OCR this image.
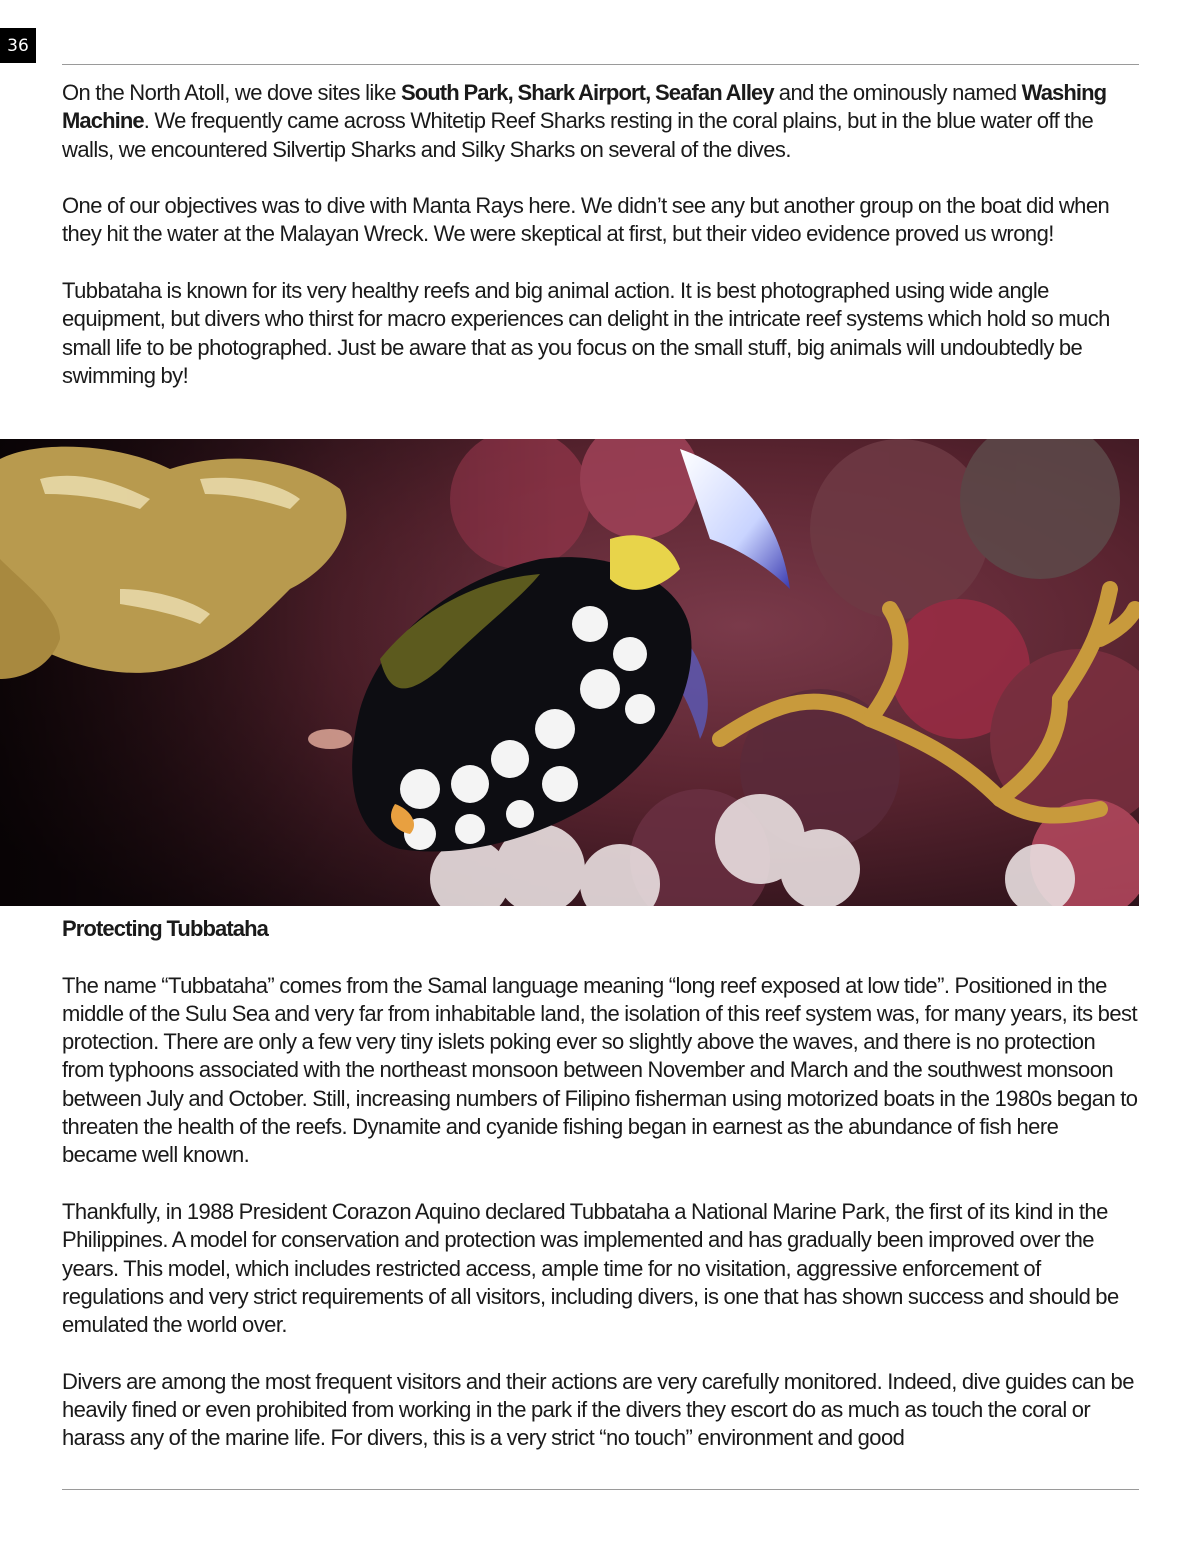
36

On the North Atoll, we dove sites like South Park, Shark Airport, Seafan Alley and the ominously named Washing Machine. We frequently came across Whitetip Reef Sharks resting in the coral plains, but in the blue water off the walls, we encountered Silvertip Sharks and Silky Sharks on several of the dives.

One of our objectives was to dive with Manta Rays here. We didn’t see any but another group on the boat did when they hit the water at the Malayan Wreck. We were skeptical at first, but their video evidence proved us wrong!

Tubbataha is known for its very healthy reefs and big animal action. It is best photographed using wide angle equipment, but divers who thirst for macro experiences can delight in the intricate reef systems which hold so much small life to be photographed. Just be aware that as you focus on the small stuff, big animals will undoubtedly be swimming by!

Protecting Tubbataha

The name “Tubbataha” comes from the Samal language meaning “long reef exposed at low tide”. Positioned in the middle of the Sulu Sea and very far from inhabitable land, the isolation of this reef system was, for many years, its best protection. There are only a few very tiny islets poking ever so slightly above the waves, and there is no protection from typhoons associated with the northeast monsoon between November and March and the southwest monsoon between July and October. Still, increasing numbers of Filipino fisherman using motorized boats in the 1980s began to threaten the health of the reefs. Dynamite and cyanide fishing began in earnest as the abundance of fish here became well known.

Thankfully, in 1988 President Corazon Aquino declared Tubbataha a National Marine Park, the first of its kind in the Philippines. A model for conservation and protection was implemented and has gradually been improved over the years. This model, which includes restricted access, ample time for no visitation, aggressive enforcement of regulations and very strict requirements of all visitors, including divers, is one that has shown success and should be emulated the world over.

Divers are among the most frequent visitors and their actions are very carefully monitored. Indeed, dive guides can be heavily fined or even prohibited from working in the park if the divers they escort do as much as touch the coral or harass any of the marine life. For divers, this is a very strict “no touch” environment and good
